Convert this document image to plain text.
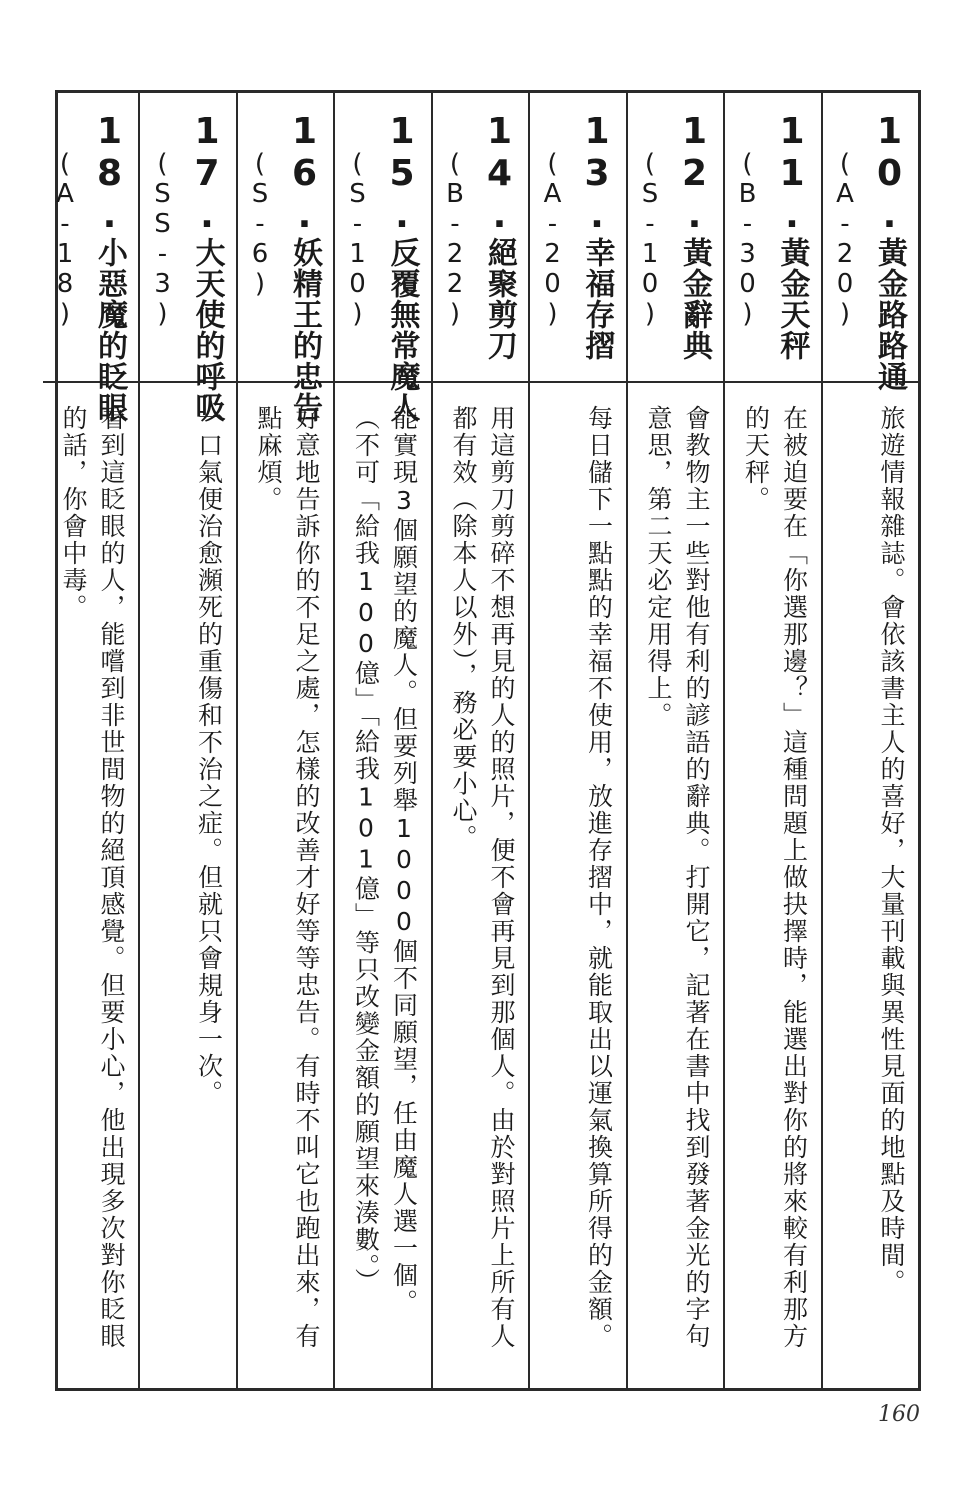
10.黃金路路通
(A-20)
旅遊情報雜誌。會依該書主人的喜好，大量刊載與異性見面的地點及時間。
11.黃金天秤
(B-30)
在被迫要在「你選那邊？」這種問題上做抉擇時，能選出對你的將來較有利那方的天秤。
12.黃金辭典
(S-10)
會教物主一些對他有利的諺語的辭典。打開它，記著在書中找到發著金光的字句意思，第二天必定用得上。
13.幸福存摺
(A-20)
每日儲下一點點的幸福不使用，放進存摺中，就能取出以運氣換算所得的金額。
14.絕聚剪刀
(B-22)
用這剪刀剪碎不想再見的人的照片，便不會再見到那個人。由於對照片上所有人都有效（除本人以外），務必要小心。
15.反覆無常魔人
(S-10)
能實現3個願望的魔人。但要列舉1000個不同願望，任由魔人選一個。（不可「給我100億」「給我101億」等只改變金額的願望來湊數。）
16.妖精王的忠告
(S-6)
好意地告訴你的不足之處，怎樣的改善才好等等忠告。有時不叫它也跑出來，有點麻煩。
17.大天使的呼吸
(SS-3)
一口氣便治愈瀕死的重傷和不治之症。但就只會規身一次。
18.小惡魔的眨眼
(A-18)
看到這眨眼的人，能嚐到非世間物的絕頂感覺。但要小心，他出現多次對你眨眼的話，你會中毒。
160
